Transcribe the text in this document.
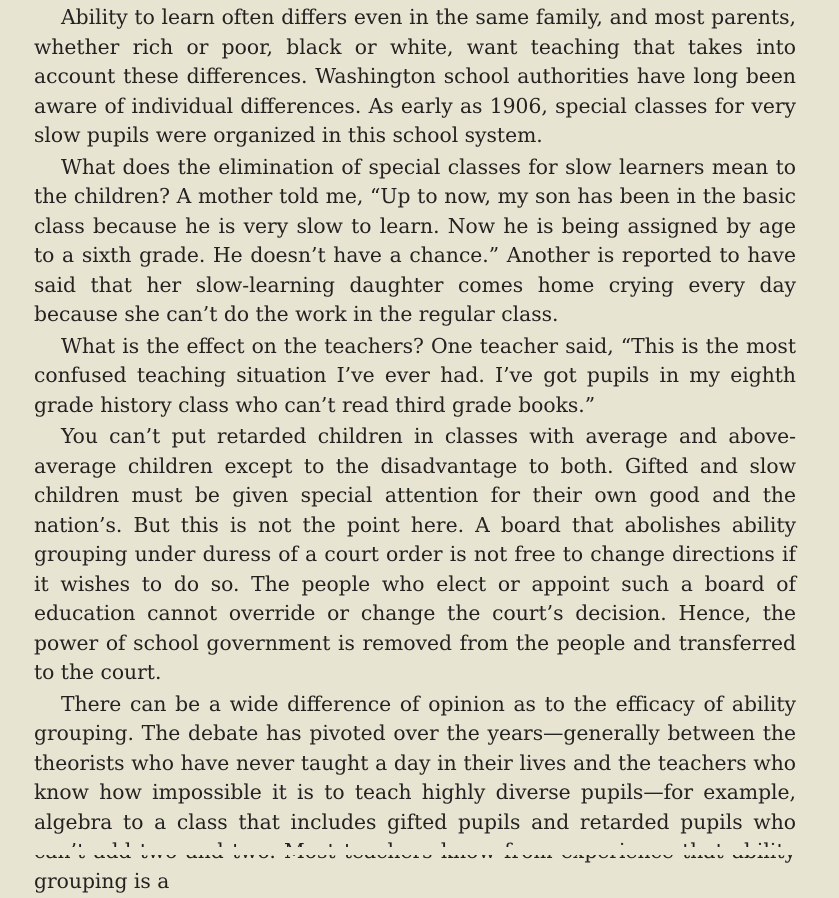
Ability to learn often differs even in the same family, and most parents, whether rich or poor, black or white, want teaching that takes into account these differences. Washington school authorities have long been aware of individual differences. As early as 1906, special classes for very slow pupils were organized in this school system.

What does the elimination of special classes for slow learners mean to the children? A mother told me, “Up to now, my son has been in the basic class because he is very slow to learn. Now he is being assigned by age to a sixth grade. He doesn’t have a chance.” Another is reported to have said that her slow-learning daughter comes home crying every day because she can’t do the work in the regular class.

What is the effect on the teachers? One teacher said, “This is the most confused teaching situation I’ve ever had. I’ve got pupils in my eighth grade history class who can’t read third grade books.”

You can’t put retarded children in classes with average and above-average children except to the disadvantage to both. Gifted and slow children must be given special attention for their own good and the nation’s. But this is not the point here. A board that abolishes ability grouping under duress of a court order is not free to change directions if it wishes to do so. The people who elect or appoint such a board of education cannot override or change the court’s decision. Hence, the power of school government is removed from the people and transferred to the court.

There can be a wide difference of opinion as to the efficacy of ability grouping. The debate has pivoted over the years—generally between the theorists who have never taught a day in their lives and the teachers who know how impossible it is to teach highly diverse pupils—for example, algebra to a class that includes gifted pupils and retarded pupils who grouping is a
